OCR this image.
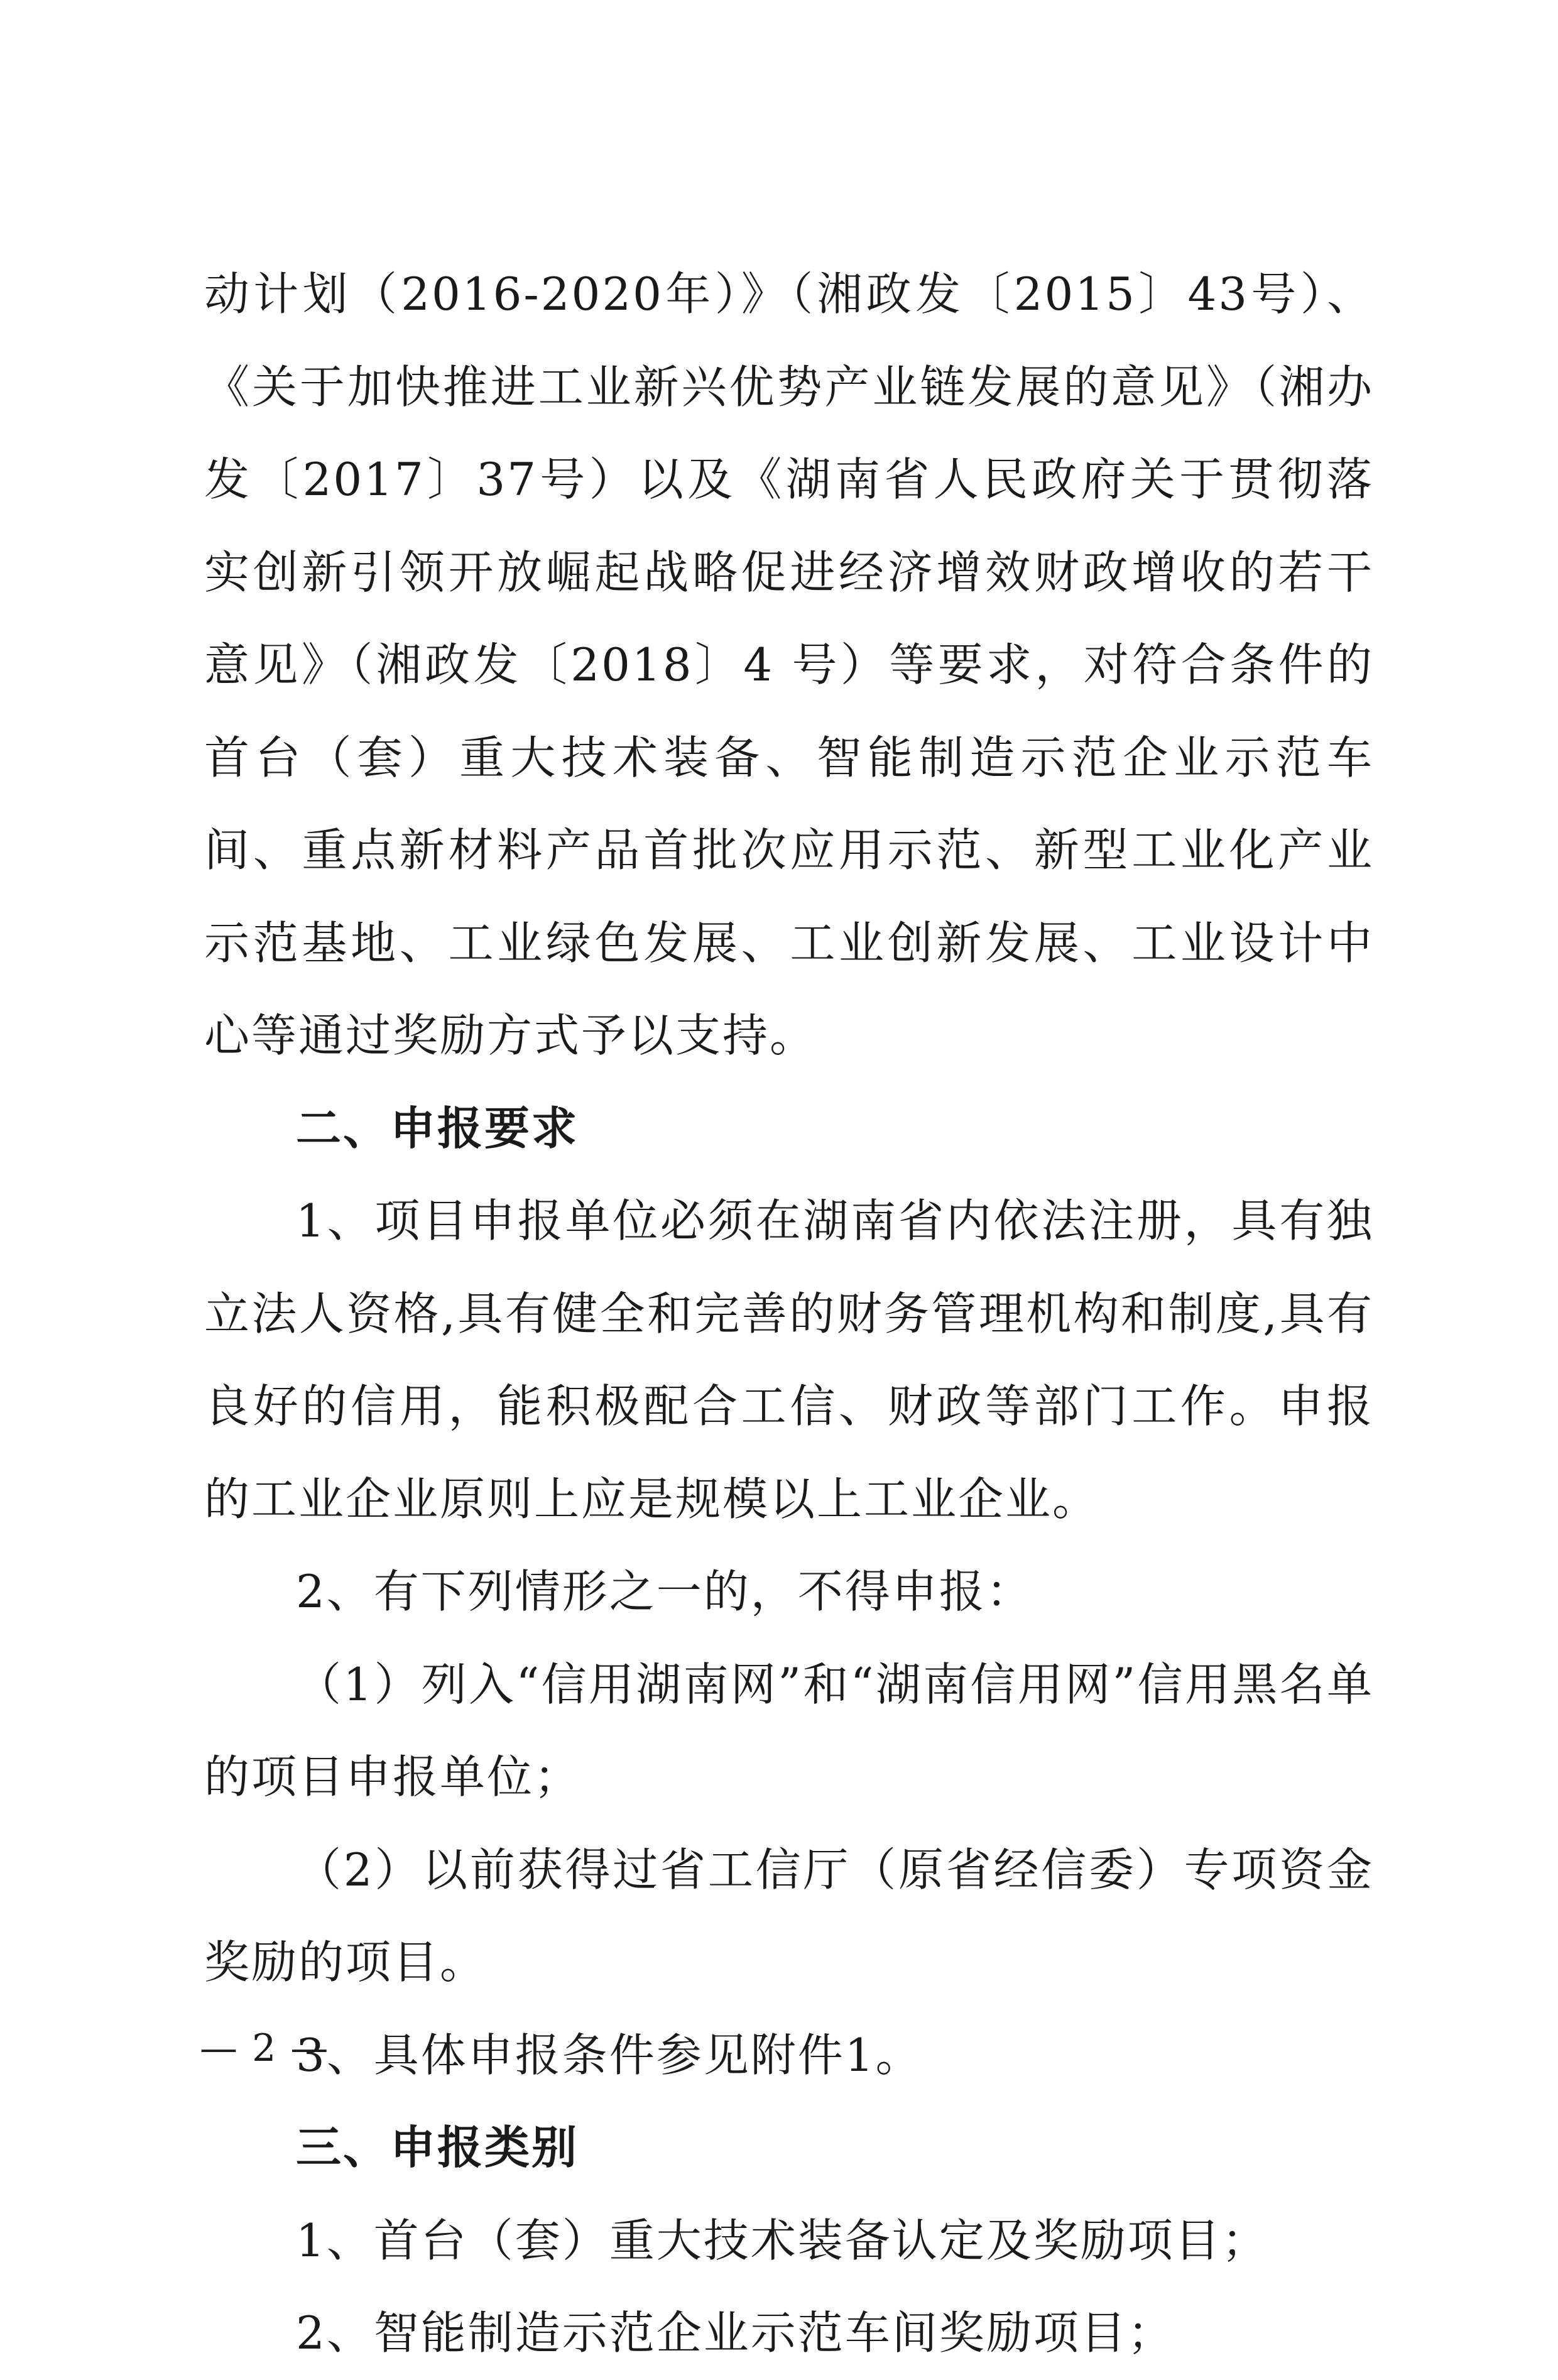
动计划（2016-2020年）》（湘政发〔2015〕43号）、《关于加快推进工业新兴优势产业链发展的意见》（湘办发〔2017〕37号）以及《湖南省人民政府关于贯彻落实创新引领开放崛起战略促进经济增效财政增收的若干意见》（湘政发〔2018〕4 号）等要求，对符合条件的首台（套）重大技术装备、智能制造示范企业示范车间、重点新材料产品首批次应用示范、新型工业化产业示范基地、工业绿色发展、工业创新发展、工业设计中心等通过奖励方式予以支持。

二、申报要求

1、项目申报单位必须在湖南省内依法注册，具有独立法人资格,具有健全和完善的财务管理机构和制度,具有良好的信用，能积极配合工信、财政等部门工作。申报的工业企业原则上应是规模以上工业企业。

2、有下列情形之一的，不得申报：

（1）列入“信用湖南网”和“湖南信用网”信用黑名单的项目申报单位；

（2）以前获得过省工信厅（原省经信委）专项资金奖励的项目。

3、具体申报条件参见附件1。

三、申报类别

1、首台（套）重大技术装备认定及奖励项目；

2、智能制造示范企业示范车间奖励项目；

— 2 —
